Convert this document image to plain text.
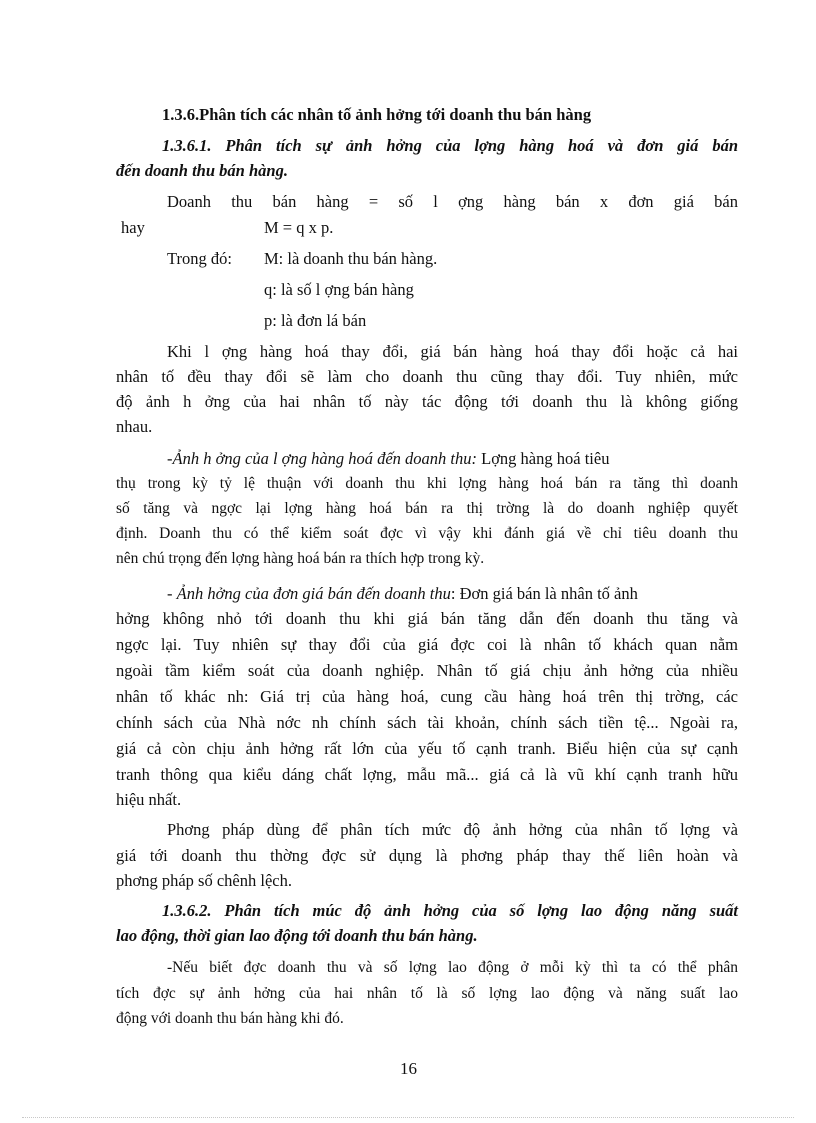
1.3.6.Phân tích các nhân tố ảnh hởng tới doanh thu bán hàng
1.3.6.1. Phân tích sự ảnh hởng của lợng hàng hoá và đơn giá bán
đến doanh thu bán hàng.
Doanh thu bán hàng = số l ợng hàng bán x đơn giá bán
hay	M = q x p.
Trong đó: M: là doanh thu bán hàng.
q: là số l ợng bán hàng
p: là đơn lá bán
Khi l ợng hàng hoá thay đổi, giá bán hàng hoá thay đổi hoặc cả hai
nhân tố đều thay đổi sẽ làm cho doanh thu cũng thay đổi. Tuy nhiên, mức
độ ảnh h ởng của hai nhân tố này tác động tới doanh thu là không giống
nhau.
-Ảnh h ởng của l ợng hàng hoá đến doanh thu: Lợng hàng hoá tiêu
thụ trong kỳ tỷ lệ thuận với doanh thu khi lợng hàng hoá bán ra tăng thì doanh
số tăng và ngợc lại lợng hàng hoá bán ra thị trờng là do doanh nghiệp quyết
định. Doanh thu có thể kiểm soát đợc vì vậy khi đánh giá về chỉ tiêu doanh thu
nên chú trọng đến lợng hàng hoá bán ra thích hợp trong kỳ.
- Ảnh hởng của đơn giá bán đến doanh thu: Đơn giá bán là nhân tố ảnh
hởng không nhỏ tới doanh thu khi giá bán tăng dẫn đến doanh thu tăng và
ngợc lại. Tuy nhiên sự thay đổi của giá đợc coi là nhân tố khách quan nằm
ngoài tầm kiểm soát của doanh nghiệp. Nhân tố giá chịu ảnh hởng của nhiều
nhân tố khác nh: Giá trị của hàng hoá, cung cầu hàng hoá trên thị trờng, các
chính sách của Nhà nớc nh chính sách tài khoản, chính sách tiền tệ... Ngoài ra,
giá cả còn chịu ảnh hởng rất lớn của yếu tố cạnh tranh. Biểu hiện của sự cạnh
tranh thông qua kiểu dáng chất lợng, mẫu mã... giá cả là vũ khí cạnh tranh hữu
hiệu nhất.
Phơng pháp dùng để phân tích mức độ ảnh hởng của nhân tố lợng và
giá tới doanh thu thờng đợc sử dụng là phơng pháp thay thế liên hoàn và
phơng pháp số chênh lệch.
1.3.6.2. Phân tích múc độ ảnh hởng của số lợng lao động năng suất
lao động, thời gian lao động tới doanh thu bán hàng.
-Nếu biết đợc doanh thu và số lợng lao động ở mỗi kỳ thì ta có thể phân
tích đợc sự ảnh hởng của hai nhân tố là số lợng lao động và năng suất lao
động với doanh thu bán hàng khi đó.
16
